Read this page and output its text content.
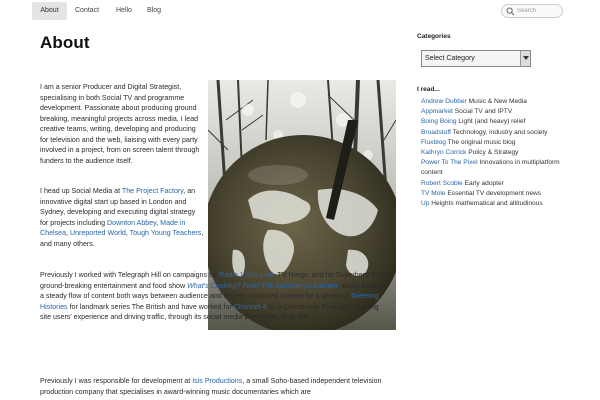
About	Contact Hello Blog
Search
About

I am a senior Producer and Digital Strategist, specialising in both Social TV and programme development. Passionate about producing ground breaking, meaningful projects across media, I lead creative teams, writing, developing and producing for television and the web, liaising with every party involved in a project, from on screen talent through funders to the audience itself.

I head up Social Media at The Project Factory, an innovative digital start up based in London and Sydney, developing and executing digital strategy for projects including Downton Abbey, Made in Chelsea, Unreported World, Tough Young Teachers, and many others.

Previously I worked with Telegraph Hill on campaigns for Radio 1 Xtra Live, TV Norge, and for Superhero TV on ground-breaking entertainment and food show What's Cooking? From The Sainsbury's Kitchen, which involved a steady flow of content both ways between audience and screen. I sourced content for a series of Tweeting Histories for landmark series The British and have worked for Channel 4 as a Community Producer, shaping site users' experience and driving traffic, through its social media presences, to its site.

Previously I was responsible for development at Isis Productions, a small Soho-based independent television production company that specialises in award-winning music documentaries which are

Categories
Select Category
I read...
Andrew Dubber Music & New Media
Appmarket Social TV and IPTV
Boing Boing Light (and heavy) relief
Broadstuff Technology, industry and society
Fluxblog The original music blog
Kathryn Corrick Policy & Strategy
Power To The Pixel Innovations in multiplatform content
Robert Scoble Early adopter
TV Mole Essential TV development news
Up Heights mathematical and altitudinous
